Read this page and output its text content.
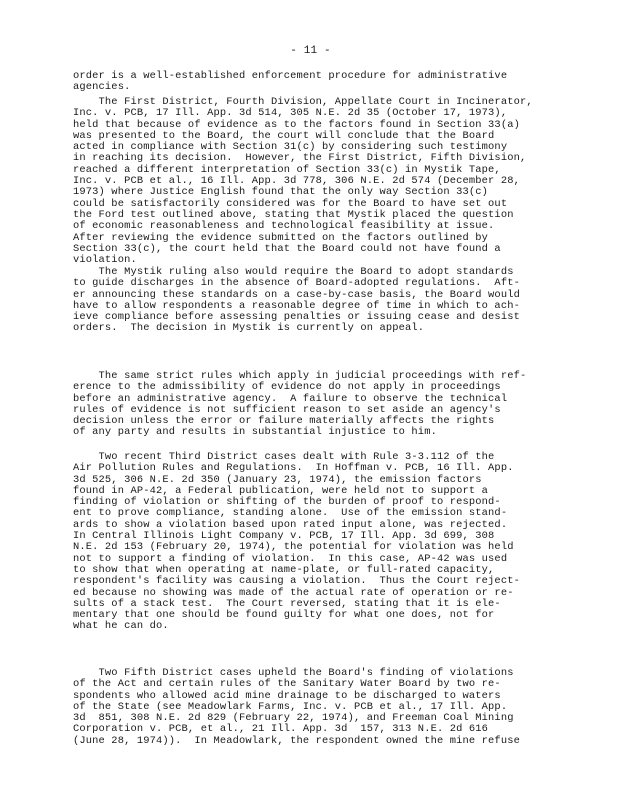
- 11 -

order is a well-established enforcement procedure for administrative
agencies.

The First District, Fourth Division, Appellate Court in Incinerator,
Inc. v. PCB, 17 Ill. App. 3d 514, 305 N.E. 2d 35 (October 17, 1973),
held that because of evidence as to the factors found in Section 33(a)
was presented to the Board, the court will conclude that the Board
acted in compliance with Section 31(c) by considering such testimony
in reaching its decision.  However, the First District, Fifth Division,
reached a different interpretation of Section 33(c) in Mystik Tape,
Inc. v. PCB et al., 16 Ill. App. 3d 778, 306 N.E. 2d 574 (December 28,
1973) where Justice English found that the only way Section 33(c)
could be satisfactorily considered was for the Board to have set out
the Ford test outlined above, stating that Mystik placed the question
of economic reasonableness and technological feasibility at issue.
After reviewing the evidence submitted on the factors outlined by
Section 33(c), the court held that the Board could not have found a
violation.

The Mystik ruling also would require the Board to adopt standards
to guide discharges in the absence of Board-adopted regulations.  Aft-
er announcing these standards on a case-by-case basis, the Board would
have to allow respondents a reasonable degree of time in which to ach-
ieve compliance before assessing penalties or issuing cease and desist
orders.  The decision in Mystik is currently on appeal.

The same strict rules which apply in judicial proceedings with ref-
erence to the admissibility of evidence do not apply in proceedings
before an administrative agency.  A failure to observe the technical
rules of evidence is not sufficient reason to set aside an agency's
decision unless the error or failure materially affects the rights
of any party and results in substantial injustice to him.

Two recent Third District cases dealt with Rule 3-3.112 of the
Air Pollution Rules and Regulations.  In Hoffman v. PCB, 16 Ill. App.
3d 525, 306 N.E. 2d 350 (January 23, 1974), the emission factors
found in AP-42, a Federal publication, were held not to support a
finding of violation or shifting of the burden of proof to respond-
ent to prove compliance, standing alone.  Use of the emission stand-
ards to show a violation based upon rated input alone, was rejected.
In Central Illinois Light Company v. PCB, 17 Ill. App. 3d 699, 308
N.E. 2d 153 (February 20, 1974), the potential for violation was held
not to support a finding of violation.  In this case, AP-42 was used
to show that when operating at name-plate, or full-rated capacity,
respondent's facility was causing a violation.  Thus the Court reject-
ed because no showing was made of the actual rate of operation or re-
sults of a stack test.  The Court reversed, stating that it is ele-
mentary that one should be found guilty for what one does, not for
what he can do.

Two Fifth District cases upheld the Board's finding of violations
of the Act and certain rules of the Sanitary Water Board by two re-
spondents who allowed acid mine drainage to be discharged to waters
of the State (see Meadowlark Farms, Inc. v. PCB et al., 17 Ill. App.
3d  851, 308 N.E. 2d 829 (February 22, 1974), and Freeman Coal Mining
Corporation v. PCB, et al., 21 Ill. App. 3d  157, 313 N.E. 2d 616
(June 28, 1974)).  In Meadowlark, the respondent owned the mine refuse
